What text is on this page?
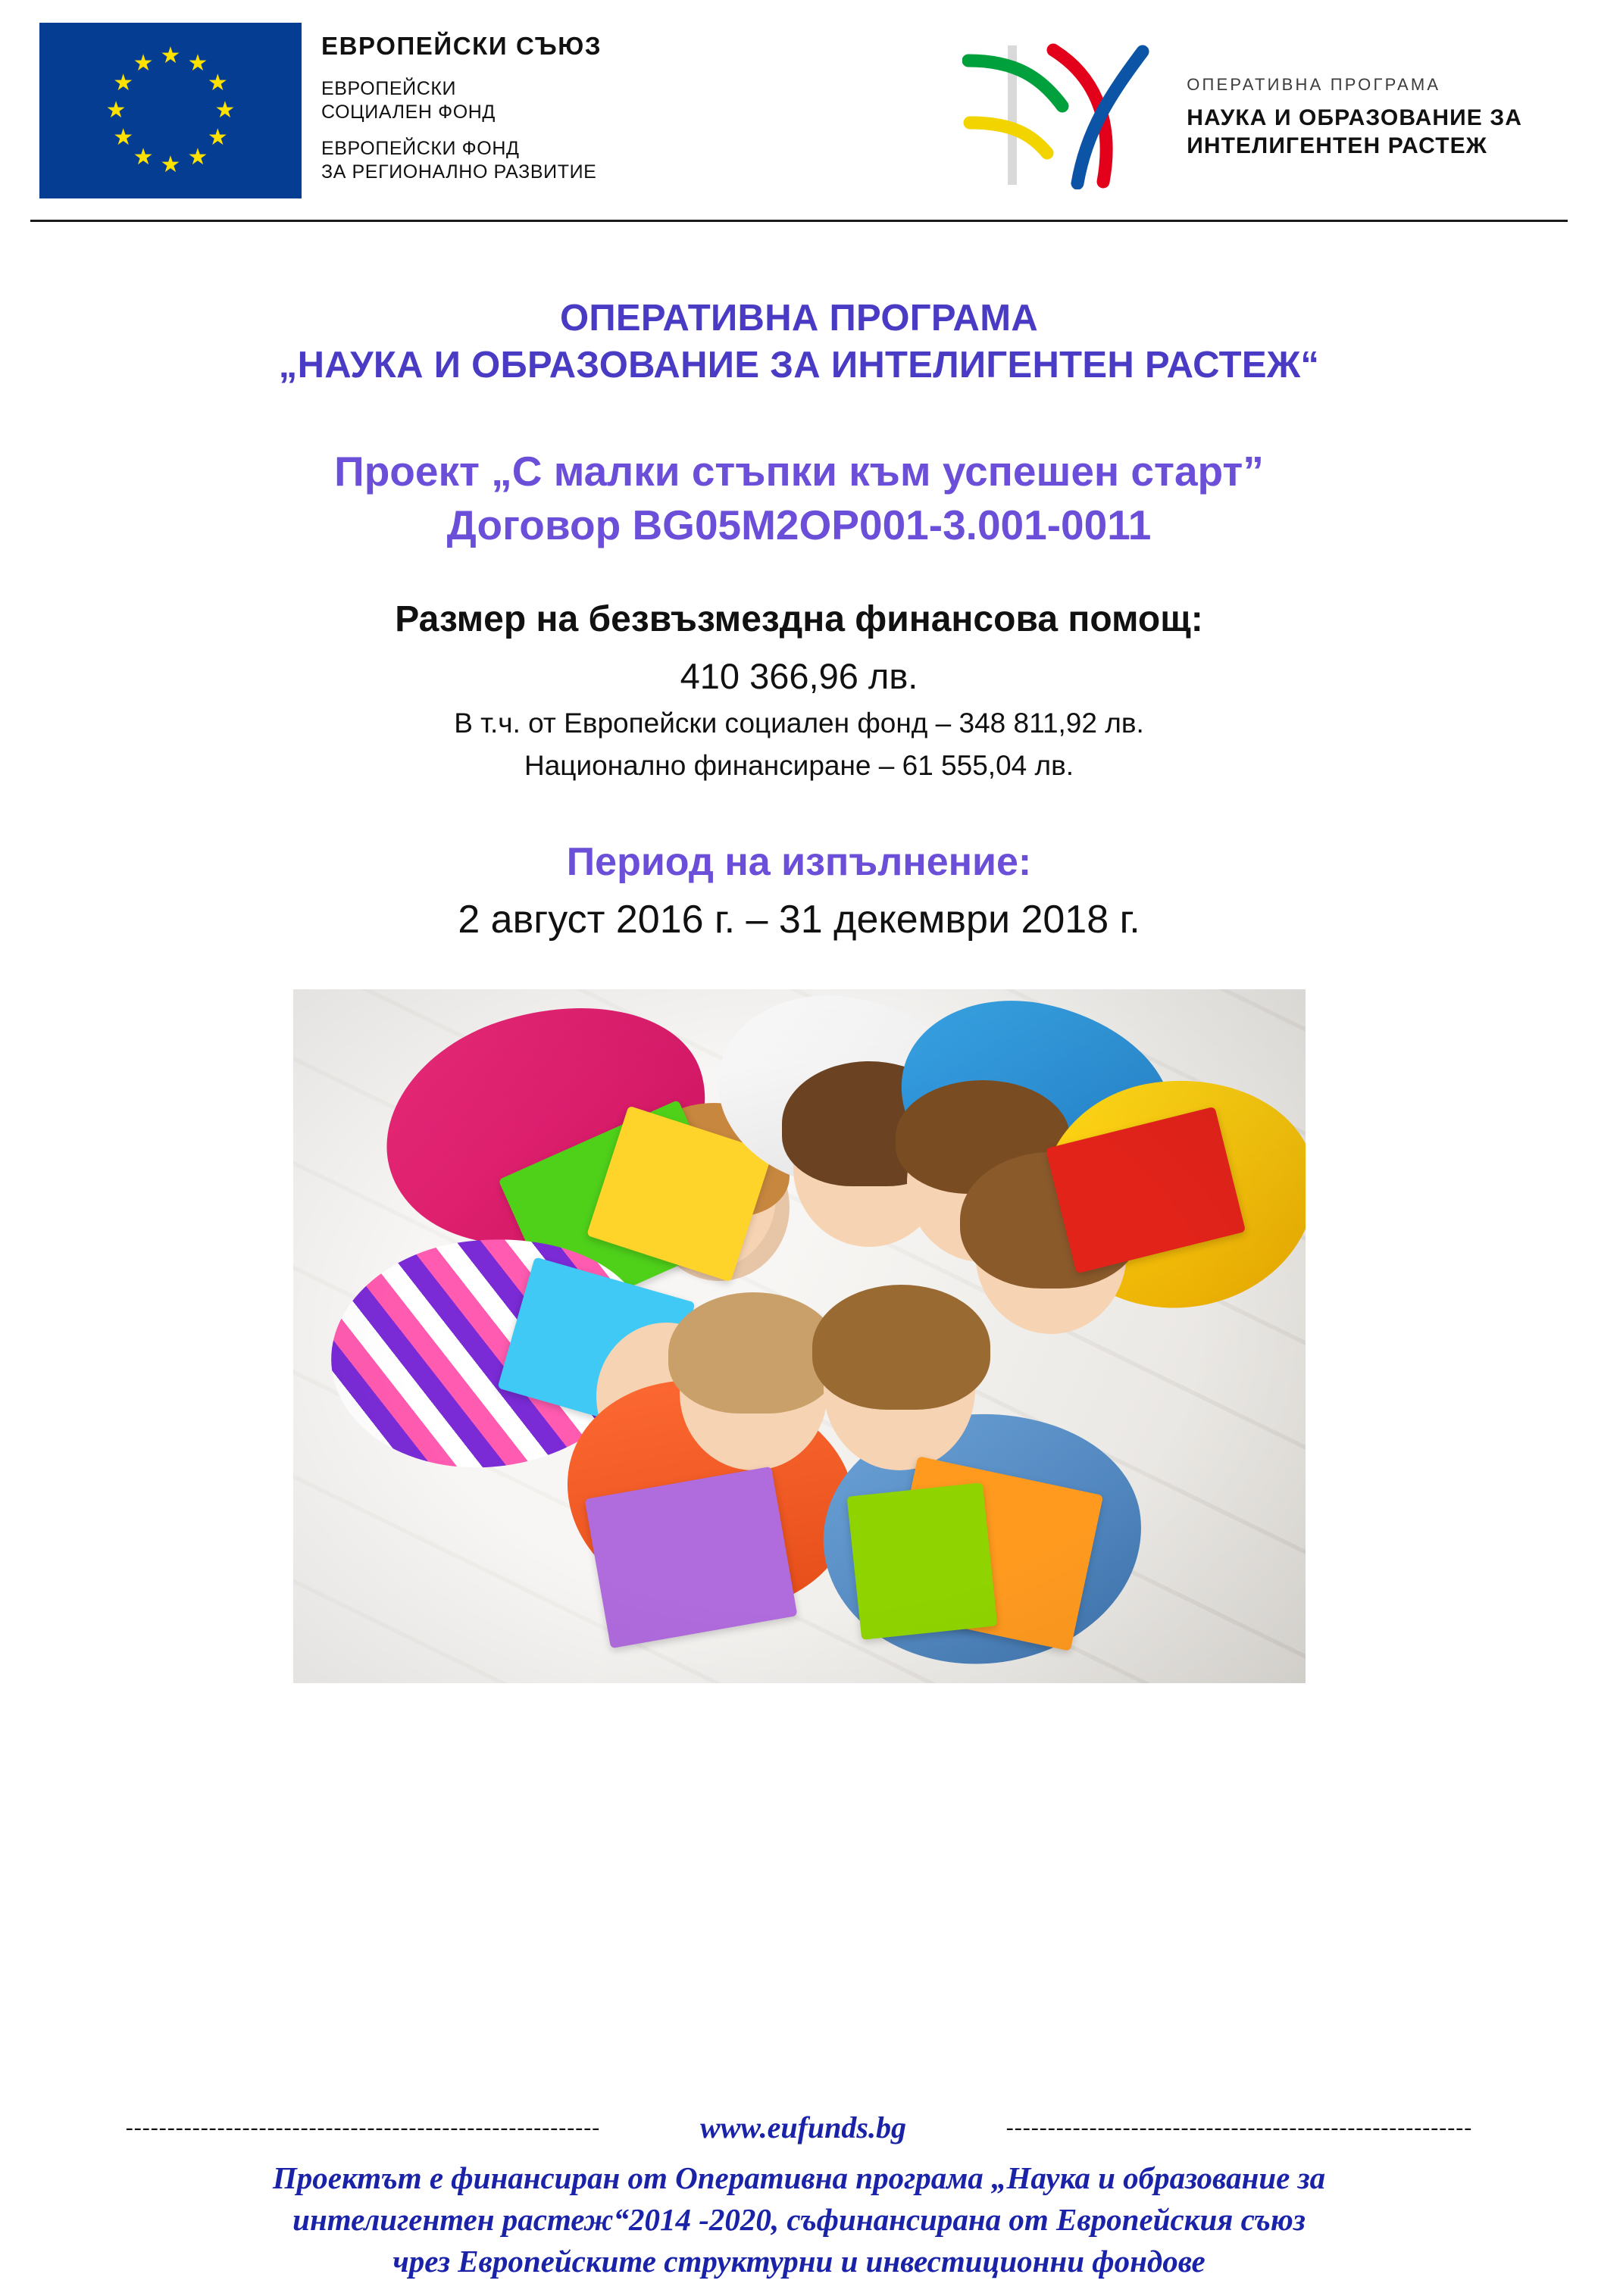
★ ★
★
★
★
★
★
★
★
★
★
★
ЕВРОПЕЙСКИ СЪЮЗ
ЕВРОПЕЙСКИ
СОЦИАЛЕН ФОНД
ЕВРОПЕЙСКИ ФОНД
ЗА РЕГИОНАЛНО РАЗВИТИЕ
ОПЕРАТИВНА ПРОГРАМА
НАУКА И ОБРАЗОВАНИЕ ЗА
ИНТЕЛИГЕНТЕН РАСТЕЖ
ОПЕРАТИВНА ПРОГРАМА
„НАУКА И ОБРАЗОВАНИЕ ЗА ИНТЕЛИГЕНТЕН РАСТЕЖ“
Проект „С малки стъпки към успешен старт”
Договор BG05M2OP001-3.001-0011
Размер на безвъзмездна финансова помощ:
410 366,96 лв.
В т.ч. от Европейски социален фонд – 348 811,92 лв.
Национално финансиране – 61 555,04 лв.
Период на изпълнение:
2 август 2016 г. – 31 декември 2018 г.
---------------------------------------------------------	www.eufunds.bg	--------------------------------------------------------
Проектът е финансиран от Оперативна програма „Наука и образование за
интелигентен растеж“2014 -2020, съфинансирана от Европейския съюз
чрез Европейските структурни и инвестиционни фондове
